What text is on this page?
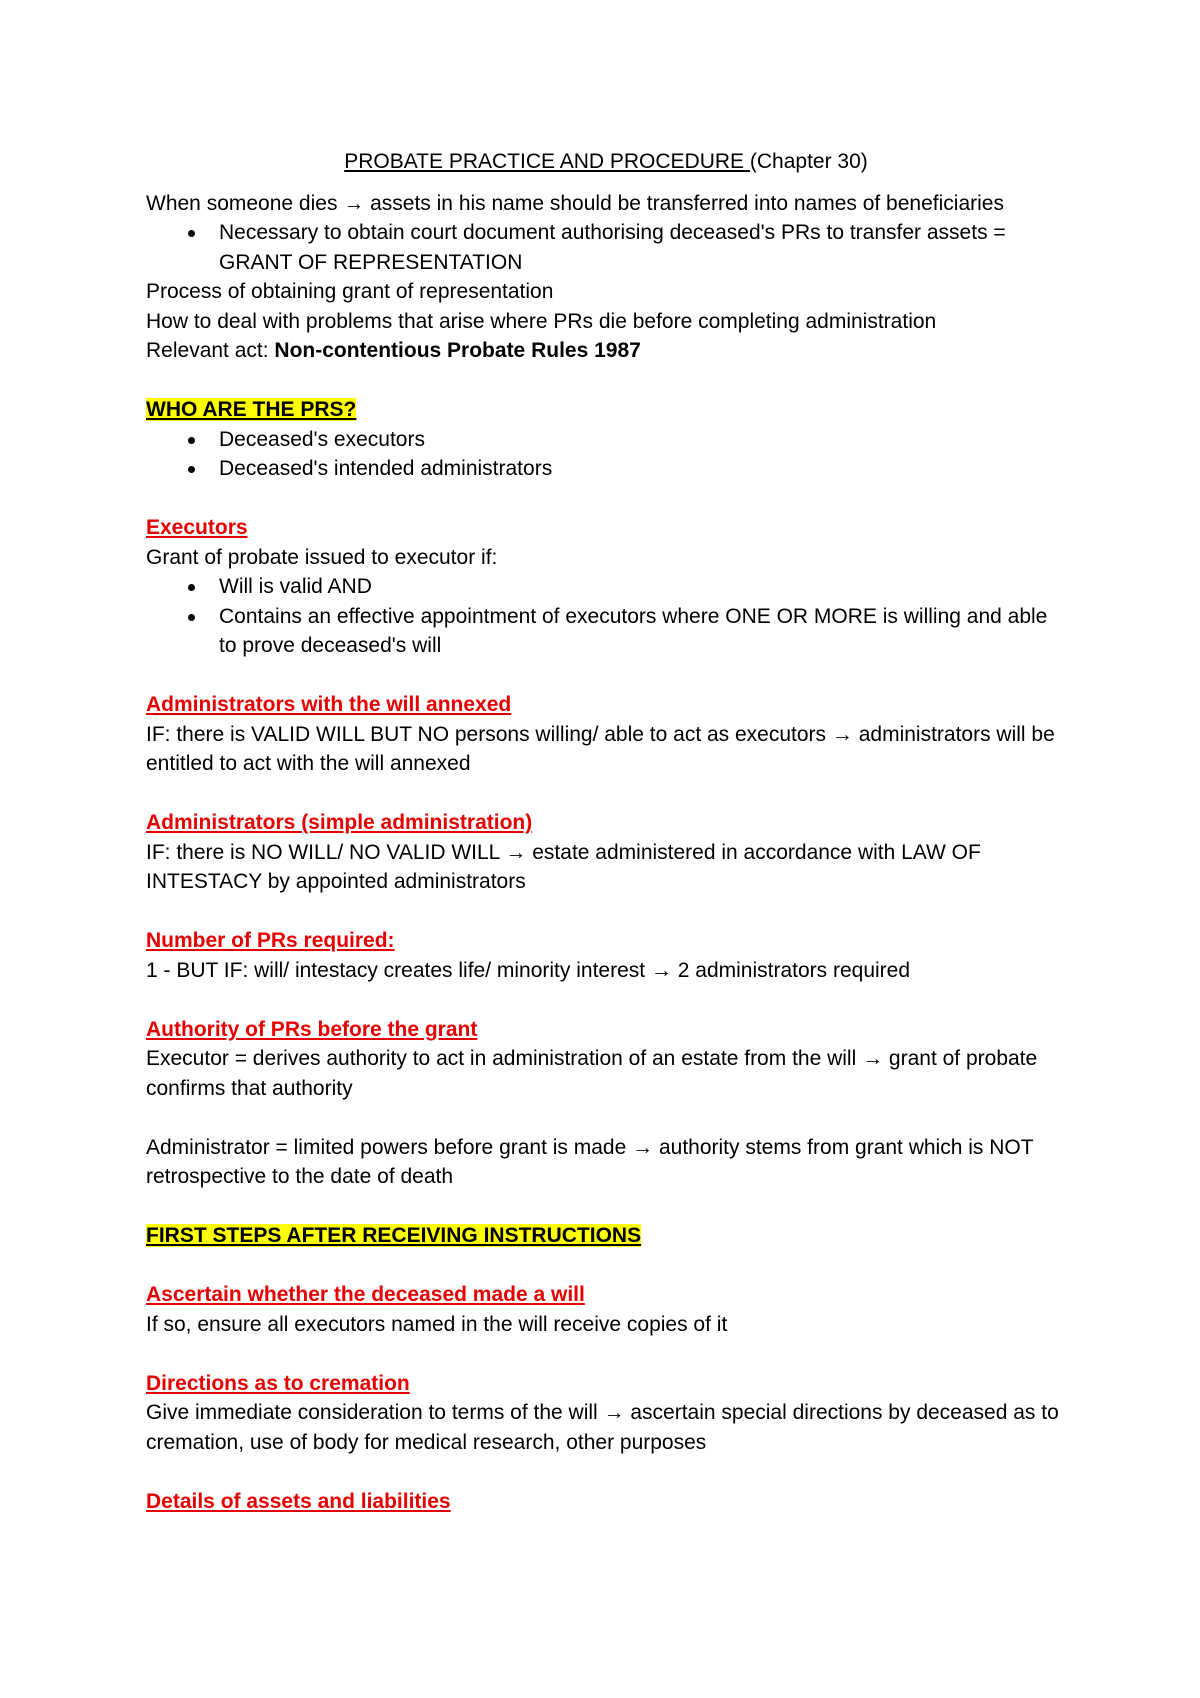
PROBATE PRACTICE AND PROCEDURE (Chapter 30)

When someone dies → assets in his name should be transferred into names of beneficiaries

Necessary to obtain court document authorising deceased's PRs to transfer assets = GRANT OF REPRESENTATION

Process of obtaining grant of representation

How to deal with problems that arise where PRs die before completing administration

Relevant act: Non-contentious Probate Rules 1987

WHO ARE THE PRS?

Deceased's executors
Deceased's intended administrators

Executors

Grant of probate issued to executor if:

Will is valid AND
Contains an effective appointment of executors where ONE OR MORE is willing and able to prove deceased's will

Administrators with the will annexed

IF: there is VALID WILL BUT NO persons willing/ able to act as executors → administrators will be entitled to act with the will annexed

Administrators (simple administration)

IF: there is NO WILL/ NO VALID WILL → estate administered in accordance with LAW OF INTESTACY by appointed administrators

Number of PRs required:

1 - BUT IF: will/ intestacy creates life/ minority interest → 2 administrators required

Authority of PRs before the grant

Executor = derives authority to act in administration of an estate from the will → grant of probate confirms that authority

Administrator = limited powers before grant is made → authority stems from grant which is NOT retrospective to the date of death

FIRST STEPS AFTER RECEIVING INSTRUCTIONS

Ascertain whether the deceased made a will

If so, ensure all executors named in the will receive copies of it

Directions as to cremation

Give immediate consideration to terms of the will → ascertain special directions by deceased as to cremation, use of body for medical research, other purposes

Details of assets and liabilities
